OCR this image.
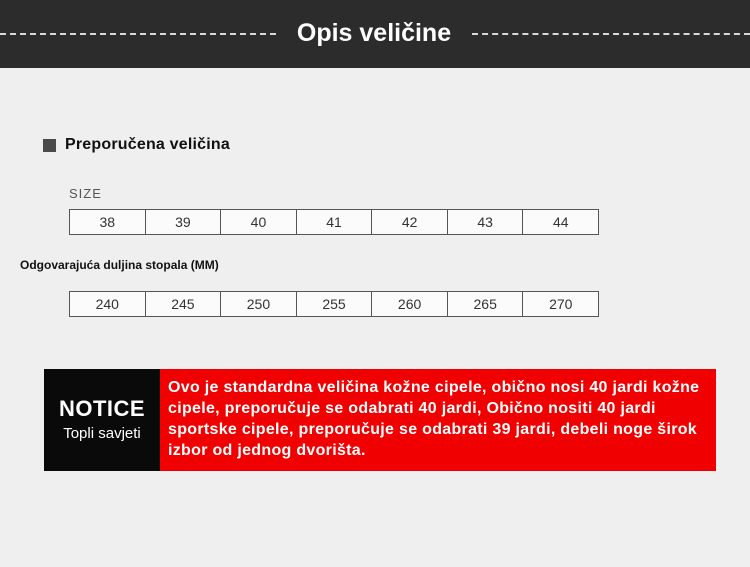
Opis veličine
Preporučena veličina
SIZE
38	39	40	41	42	43	44
Odgovarajuća duljina stopala (MM)
240	245	250	255	260	265	270
NOTICE
Topli savjeti
Ovo je standardna veličina kožne cipele, obično nosi 40 jardi kožne cipele, preporučuje se odabrati 40 jardi, Obično nositi 40 jardi sportske cipele, preporučuje se odabrati 39 jardi, debeli noge širok izbor od jednog dvorišta.
